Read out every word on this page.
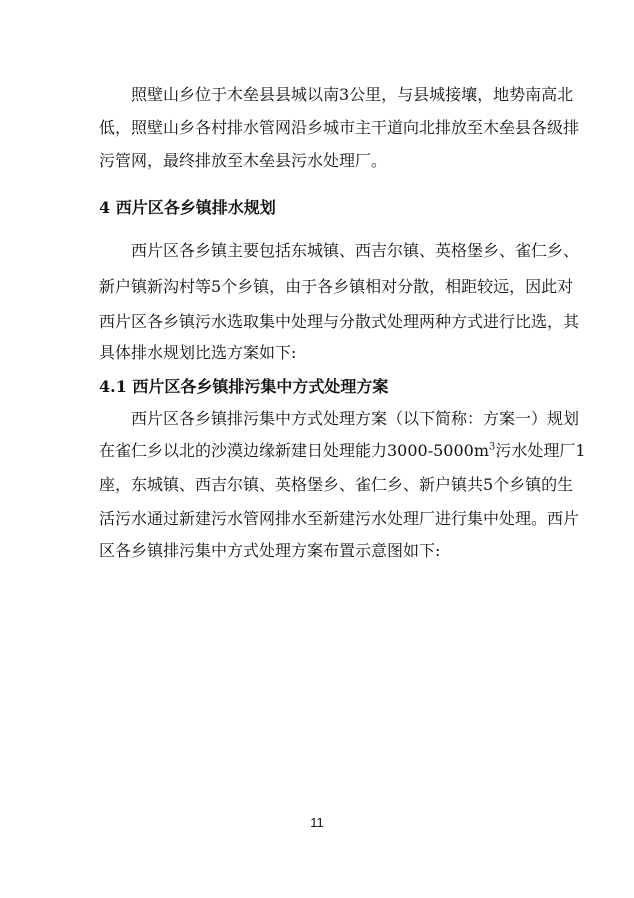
照壁山乡位于木垒县县城以南3公里，与县城接壤，地势南高北
低，照壁山乡各村排水管网沿乡城市主干道向北排放至木垒县各级排
污管网，最终排放至木垒县污水处理厂。
4 西片区各乡镇排水规划
西片区各乡镇主要包括东城镇、西吉尔镇、英格堡乡、雀仁乡、
新户镇新沟村等5个乡镇，由于各乡镇相对分散，相距较远，因此对
西片区各乡镇污水选取集中处理与分散式处理两种方式进行比选，其
具体排水规划比选方案如下:
4.1 西片区各乡镇排污集中方式处理方案
西片区各乡镇排污集中方式处理方案（以下简称：方案一）规划
在雀仁乡以北的沙漠边缘新建日处理能力$3000-5000m^3$污水处理厂1
座，东城镇、西吉尔镇、英格堡乡、雀仁乡、新户镇共5个乡镇的生
活污水通过新建污水管网排水至新建污水处理厂进行集中处理。西片
区各乡镇排污集中方式处理方案布置示意图如下:
11
